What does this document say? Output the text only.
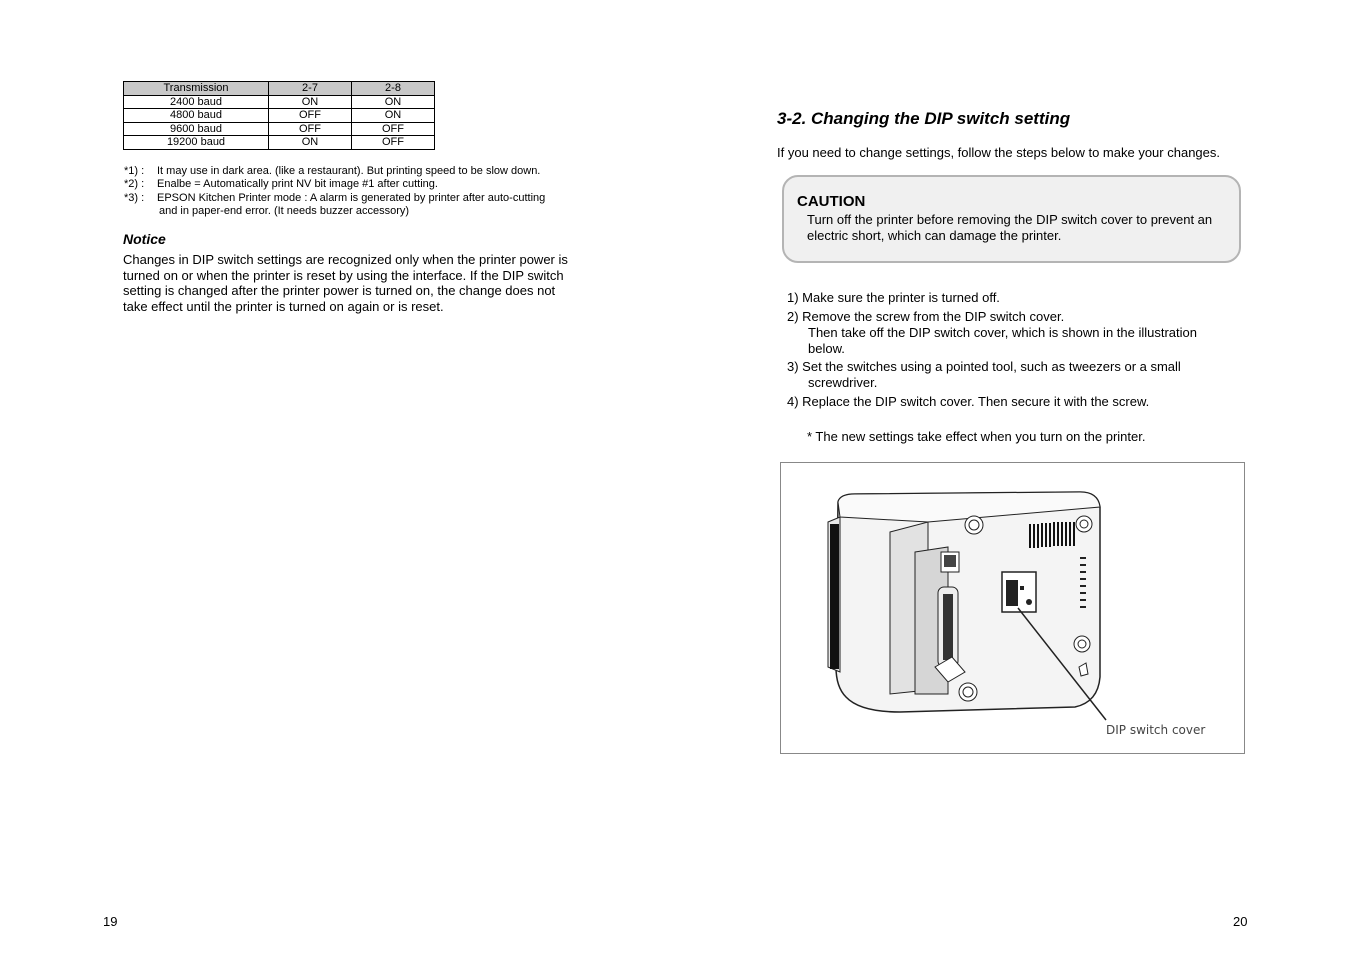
Transmission	2-7	2-8
2400 baud	ON	ON
4800 baud	OFF	ON
9600 baud	OFF	OFF
19200 baud	ON	OFF
*1) : It may use in dark area. (like a restaurant). But printing speed to be slow down.
*2) : Enalbe = Automatically print NV bit image #1 after cutting.
*3) : EPSON Kitchen Printer mode : A alarm is generated by printer after auto-cutting
and in paper-end error. (It needs buzzer accessory)
Notice
Changes in DIP switch settings are recognized only when the printer power is turned on or when the printer is reset by using the interface. If the DIP switch setting is changed after the printer power is turned on, the change does not take effect until the printer is turned on again or is reset.
19
3-2. Changing the DIP switch setting
If you need to change settings, follow the steps below to make your changes.
CAUTION
Turn off the printer before removing the DIP switch cover to prevent an electric short, which can damage the printer.
1) Make sure the printer is turned off.
2) Remove the screw from the DIP switch cover.
Then take off the DIP switch cover, which is shown in the illustration below.
3) Set the switches using a pointed tool, such as tweezers or a small
screwdriver.
4) Replace the DIP switch cover. Then secure it with the screw.
* The new settings take effect when you turn on the printer.
DIP switch cover
20
